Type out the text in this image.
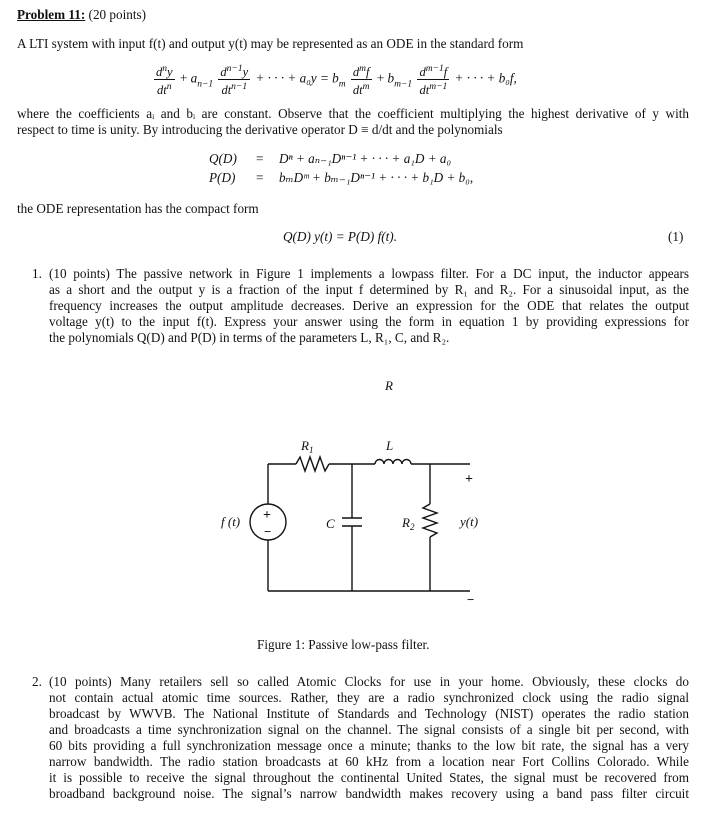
Problem 11: (20 points)
A LTI system with input f(t) and output y(t) may be represented as an ODE in the standard form
$\frac{d^ny}{dt^n} + a_{n-1} \frac{d^{n-1}y}{dt^{n-1}}$ + · · · + $a_0y = b_m \frac{d^mf}{dt^m} + b_{m-1} \frac{d^{m-1}f}{dt^{m-1}}$ + · · · + b₀f,
where the coefficients aᵢ and bᵢ are constant. Observe that the coefficient multiplying the highest derivative of y with
respect to time is unity. By introducing the derivative operator D ≡ d/dt and the polynomials
Q(D) = Dⁿ + aₙ₋₁Dⁿ⁻¹ + · · · + a₁D + a₀
P(D) = bₘDᵐ + bₘ₋₁Dⁿ⁻¹ + · · · + b₁D + b₀,
the ODE representation has the compact form
Q(D) y(t) = P(D) f(t).	(1)
1. (10 points) The passive network in Figure 1 implements a lowpass filter. For a DC input, the inductor appears
as a short and the output y is a fraction of the input f determined by R₁ and R₂. For a sinusoidal input, as the
frequency increases the output amplitude decreases. Derive an expression for the ODE that relates the output
voltage y(t) to the input f(t). Express your answer using the form in equation 1 by providing expressions for
the polynomials Q(D) and P(D) in terms of the parameters L, R₁, C, and R₂.
R
$R_1$	L
C	$R_2$
f (t)	y(t)
+
−
+
−
Figure 1: Passive low-pass filter.
2. (10 points) Many retailers sell so called Atomic Clocks for use in your home. Obviously, these clocks do
not contain actual atomic time sources. Rather, they are a radio synchronized clock using the radio signal
broadcast by WWVB. The National Institute of Standards and Technology (NIST) operates the radio station
and broadcasts a time synchronization signal on the channel. The signal consists of a single bit per second, with
60 bits providing a full synchronization message once a minute; thanks to the low bit rate, the signal has a very
narrow bandwidth. The radio station broadcasts at 60 kHz from a location near Fort Collins Colorado. While
it is possible to receive the signal throughout the continental United States, the signal must be recovered from
broadband background noise. The signal’s narrow bandwidth makes recovery using a band pass filter circuit
